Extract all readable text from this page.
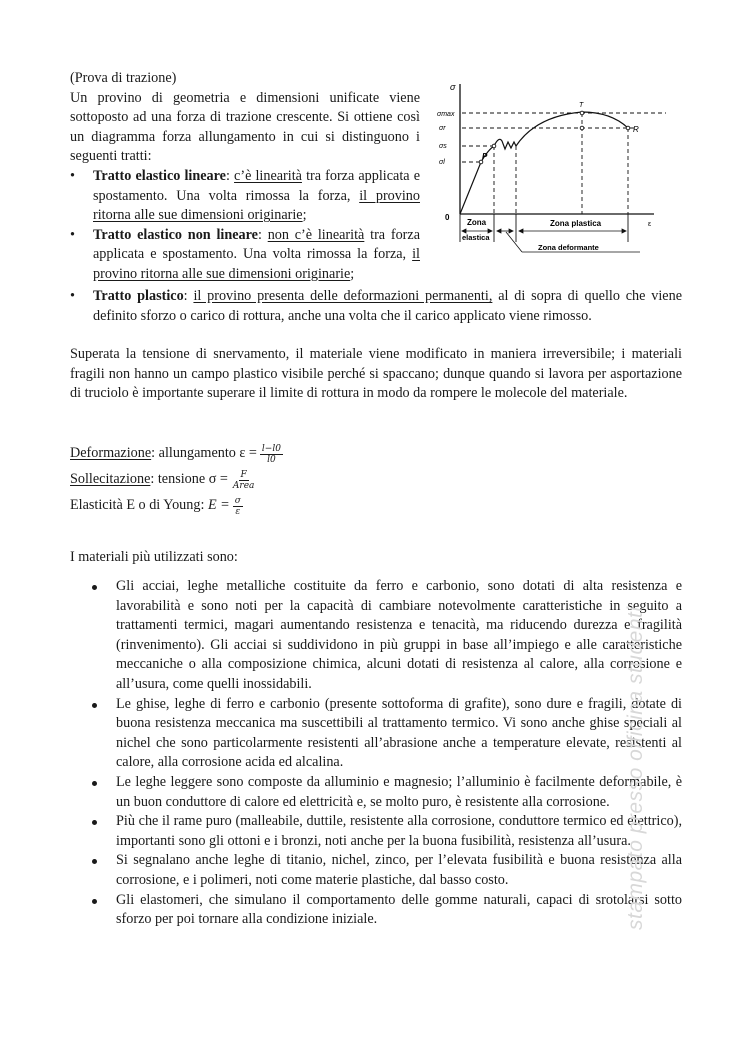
(Prova di trazione)

Un provino di geometria e dimensioni unificate viene sottoposto ad una forza di trazione crescente. Si ottiene così un diagramma forza allungamento in cui si distinguono i seguenti tratti:

•	Tratto elastico lineare: c’è linearità tra forza applicata e spostamento. Una volta rimossa la forza, il provino ritorna alle sue dimensioni originarie;
•	Tratto elastico non lineare: non c’è linearità tra forza applicata e spostamento. Una volta rimossa la forza, il provino ritorna alle sue dimensioni originarie;
•	Tratto plastico: il provino presenta delle deformazioni permanenti, al di sopra di quello che viene definito sforzo o carico di rottura, anche una volta che il carico applicato viene rimosso.
σ
ε
0
σmax
σr
σs
σl
P
T
R
Zona
elastica
Zona plastica
Zona deformante

Superata la tensione di snervamento, il materiale viene modificato in maniera irreversibile; i materiali fragili non hanno un campo plastico visibile perché si spaccano; dunque quando si lavora per asportazione di truciolo è importante superare il limite di rottura in modo da rompere le molecole del materiale.

Deformazione : allungamento $\varepsilon = \frac{l-l0}{l0}$
Sollecitazione : tensione $\sigma = \frac{F}{\text{Area}}$
Elasticità E o di Young:
$E = \frac{\sigma}{\varepsilon}$

I materiali più utilizzati sono:

Gli acciai, leghe metalliche costituite da ferro e carbonio, sono dotati di alta resistenza e lavorabilità e sono noti per la capacità di cambiare notevolmente caratteristiche in seguito a trattamenti termici, magari aumentando resistenza e tenacità, ma riducendo durezza e fragilità (rinvenimento). Gli acciai si suddividono in più gruppi in base all’impiego e alle caratteristiche meccaniche o alla composizione chimica, alcuni dotati di resistenza al calore, alla corrosione e all’usura, come quelli inossidabili.
Le ghise, leghe di ferro e carbonio (presente sottoforma di grafite), sono dure e fragili, dotate di buona resistenza meccanica ma suscettibili al trattamento termico. Vi sono anche ghise speciali al nichel che sono particolarmente resistenti all’abrasione anche a temperature elevate, resistenti al calore, alla corrosione acida ed alcalina.
Le leghe leggere sono composte da alluminio e magnesio; l’alluminio è facilmente deformabile, è un buon conduttore di calore ed elettricità e, se molto puro, è resistente alla corrosione.
Più che il rame puro (malleabile, duttile, resistente alla corrosione, conduttore termico ed elettrico), importanti sono gli ottoni e i bronzi, noti anche per la buona fusibilità, resistenza all’usura.
Si segnalano anche leghe di titanio, nichel, zinco, per l’elevata fusibilità e buona resistenza alla corrosione, e i polimeri, noti come materie plastiche, dal basso costo.
Gli elastomeri, che simulano il comportamento delle gomme naturali, capaci di srotolarsi sotto sforzo per poi tornare alla condizione iniziale.	stampato presso officina studenti
